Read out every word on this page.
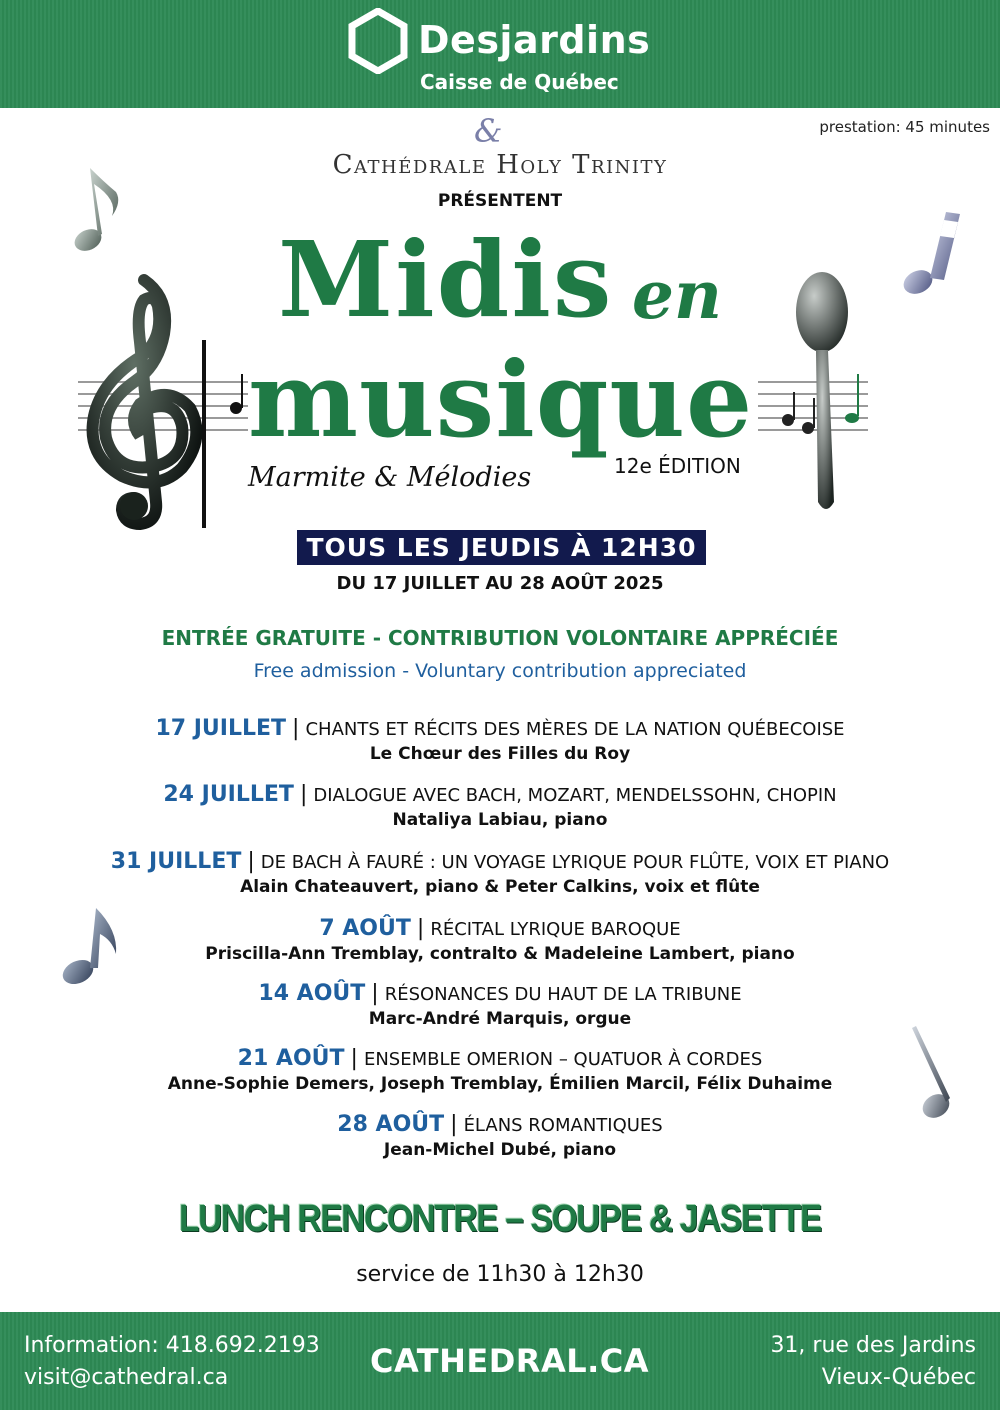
Desjardins
Caisse de Québec
&	prestation: 45 minutes
Cathédrale Holy Trinity
PRÉSENTENT
Midis en
musique
Marmite & Mélodies	12e ÉDITION
TOUS LES JEUDIS À 12H30
DU 17 JUILLET AU 28 AOÛT 2025
ENTRÉE GRATUITE - CONTRIBUTION VOLONTAIRE APPRÉCIÉE
Free admission - Voluntary contribution appreciated
17 JUILLET | CHANTS ET RÉCITS DES MÈRES DE LA NATION QUÉBECOISE
Le Chœur des Filles du Roy
24 JUILLET | DIALOGUE AVEC BACH, MOZART, MENDELSSOHN, CHOPIN
Nataliya Labiau, piano
31 JUILLET | DE BACH À FAURÉ : UN VOYAGE LYRIQUE POUR FLÛTE, VOIX ET PIANO
Alain Chateauvert, piano & Peter Calkins, voix et flûte
7 AOÛT | RÉCITAL LYRIQUE BAROQUE
Priscilla-Ann Tremblay, contralto & Madeleine Lambert, piano
14 AOÛT | RÉSONANCES DU HAUT DE LA TRIBUNE
Marc-André Marquis, orgue
21 AOÛT | ENSEMBLE OMERION – QUATUOR À CORDES
Anne-Sophie Demers, Joseph Tremblay, Émilien Marcil, Félix Duhaime
28 AOÛT | ÉLANS ROMANTIQUES
Jean-Michel Dubé, piano
LUNCH RENCONTRE – SOUPE & JASETTE
service de 11h30 à 12h30
Information: 418.692.2193
visit@cathedral.ca	CATHEDRAL.CA	31, rue des Jardins
Vieux-Québec
